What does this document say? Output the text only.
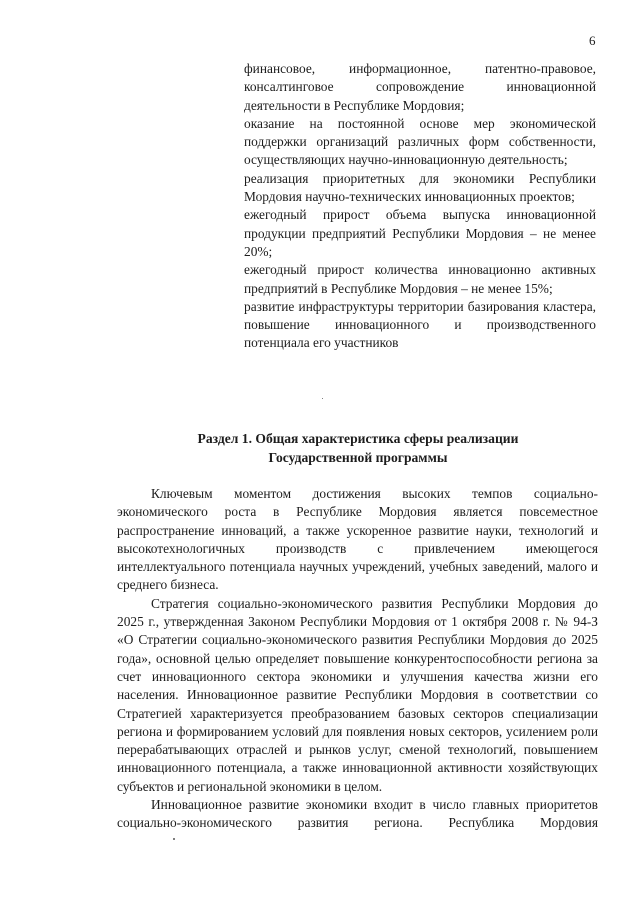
6

финансовое, информационное, патентно-правовое, консалтинговое сопровождение инновационной деятельности в Республике Мордовия;

оказание на постоянной основе мер экономической поддержки организаций различных форм собственности, осуществляющих научно-инновационную деятельность;

реализация приоритетных для экономики Республики Мордовия научно-технических инновационных проектов;

ежегодный прирост объема выпуска инновационной продукции предприятий Республики Мордовия – не менее 20%;

ежегодный прирост количества инновационно активных предприятий в Республике Мордовия – не менее 15%;

развитие инфраструктуры территории базирования кластера, повышение инновационного и производственного потенциала его участников

Раздел 1. Общая характеристика сферы реализации
Государственной программы

Ключевым моментом достижения высоких темпов социально-экономического роста в Республике Мордовия является повсеместное распространение инноваций, а также ускоренное развитие науки, технологий и высокотехнологичных производств с привлечением имеющегося интеллектуального потенциала научных учреждений, учебных заведений, малого и среднего бизнеса.

Стратегия социально-экономического развития Республики Мордовия до 2025 г., утвержденная Законом Республики Мордовия от 1 октября 2008 г. № 94-З «О Стратегии социально-экономического развития Республики Мордовия до 2025 года», основной целью определяет повышение конкурентоспособности региона за счет инновационного сектора экономики и улучшения качества жизни его населения. Инновационное развитие Республики Мордовия в соответствии со Стратегией характеризуется преобразованием базовых секторов специализации региона и формированием условий для появления новых секторов, усилением роли перерабатывающих отраслей и рынков услуг, сменой технологий, повышением инновационного потенциала, а также инновационной активности хозяйствующих субъектов и региональной экономики в целом.

Инновационное развитие экономики входит в число главных приоритетов социально-экономического развития региона. Республика Мордовия
